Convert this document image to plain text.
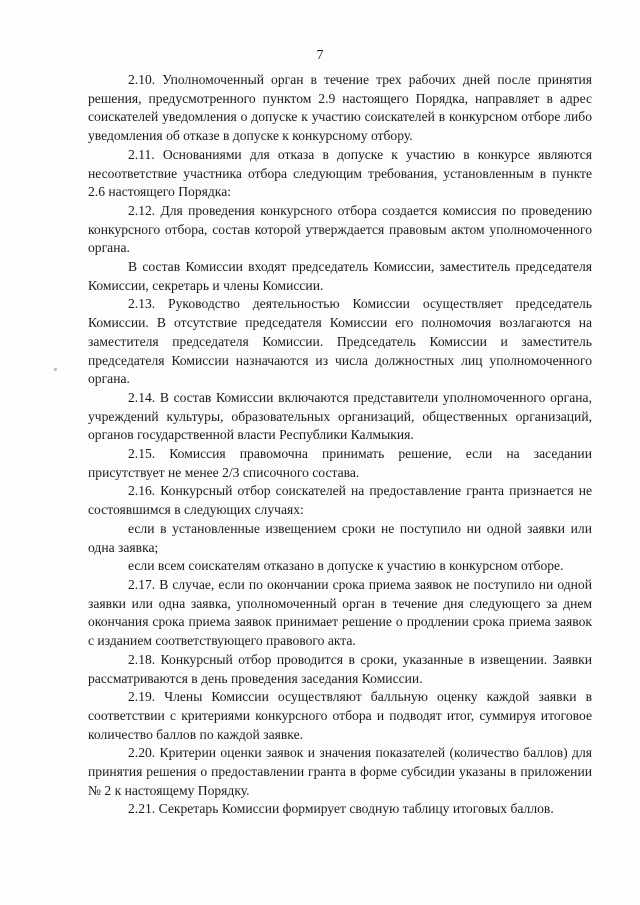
7

2.10. Уполномоченный орган в течение трех рабочих дней после принятия решения, предусмотренного пунктом 2.9 настоящего Порядка, направляет в адрес соискателей уведомления о допуске к участию соискателей в конкурсном отборе либо уведомления об отказе в допуске к конкурсному отбору.

2.11. Основаниями для отказа в допуске к участию в конкурсе являются несоответствие участника отбора следующим требования, установленным в пункте 2.6 настоящего Порядка:

2.12. Для проведения конкурсного отбора создается комиссия по проведению конкурсного отбора, состав которой утверждается правовым актом уполномоченного органа.

В состав Комиссии входят председатель Комиссии, заместитель председателя Комиссии, секретарь и члены Комиссии.

2.13. Руководство деятельностью Комиссии осуществляет председатель Комиссии. В отсутствие председателя Комиссии его полномочия возлагаются на заместителя председателя Комиссии. Председатель Комиссии и заместитель председателя Комиссии назначаются из числа должностных лиц уполномоченного органа.

2.14. В состав Комиссии включаются представители уполномоченного органа, учреждений культуры, образовательных организаций, общественных организаций, органов государственной власти Республики Калмыкия.

2.15. Комиссия правомочна принимать решение, если на заседании присутствует не менее 2/3 списочного состава.

2.16. Конкурсный отбор соискателей на предоставление гранта признается не состоявшимся в следующих случаях:

если в установленные извещением сроки не поступило ни одной заявки или одна заявка;

если всем соискателям отказано в допуске к участию в конкурсном отборе.

2.17. В случае, если по окончании срока приема заявок не поступило ни одной заявки или одна заявка, уполномоченный орган в течение дня следующего за днем окончания срока приема заявок принимает решение о продлении срока приема заявок с изданием соответствующего правового акта.

2.18. Конкурсный отбор проводится в сроки, указанные в извещении. Заявки рассматриваются в день проведения заседания Комиссии.

2.19. Члены Комиссии осуществляют балльную оценку каждой заявки в соответствии с критериями конкурсного отбора и подводят итог, суммируя итоговое количество баллов по каждой заявке.

2.20. Критерии оценки заявок и значения показателей (количество баллов) для принятия решения о предоставлении гранта в форме субсидии указаны в приложении № 2 к настоящему Порядку.

2.21. Секретарь Комиссии формирует сводную таблицу итоговых баллов.
